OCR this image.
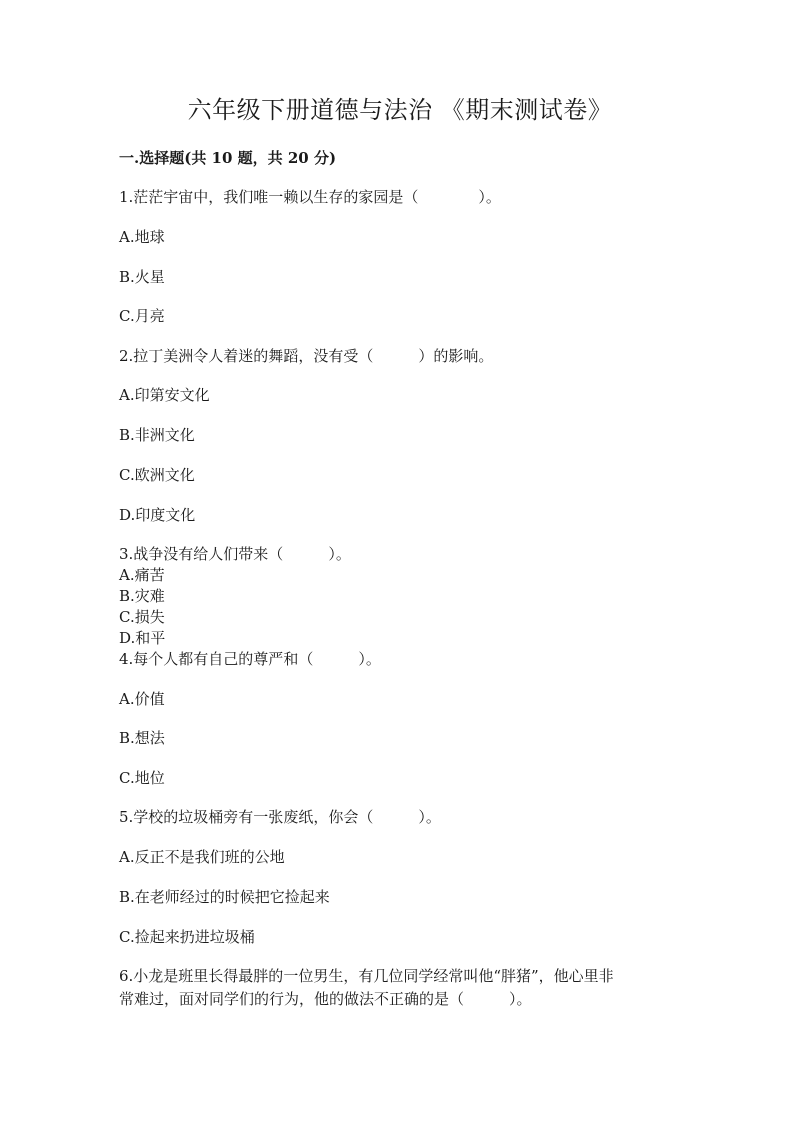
六年级下册道德与法治 《期末测试卷》
一.选择题(共 10 题，共 20 分)
1.茫茫宇宙中，我们唯一赖以生存的家园是（　　　　）。
A.地球
B.火星
C.月亮
2.拉丁美洲令人着迷的舞蹈，没有受（　　　）的影响。
A.印第安文化
B.非洲文化
C.欧洲文化
D.印度文化
3.战争没有给人们带来（　　　）。
A.痛苦
B.灾难
C.损失
D.和平
4.每个人都有自己的尊严和（　　　）。
A.价值
B.想法
C.地位
5.学校的垃圾桶旁有一张废纸，你会（　　　）。
A.反正不是我们班的公地
B.在老师经过的时候把它捡起来
C.捡起来扔进垃圾桶
6.小龙是班里长得最胖的一位男生，有几位同学经常叫他“胖猪”，他心里非
常难过，面对同学们的行为，他的做法不正确的是（　　　）。
